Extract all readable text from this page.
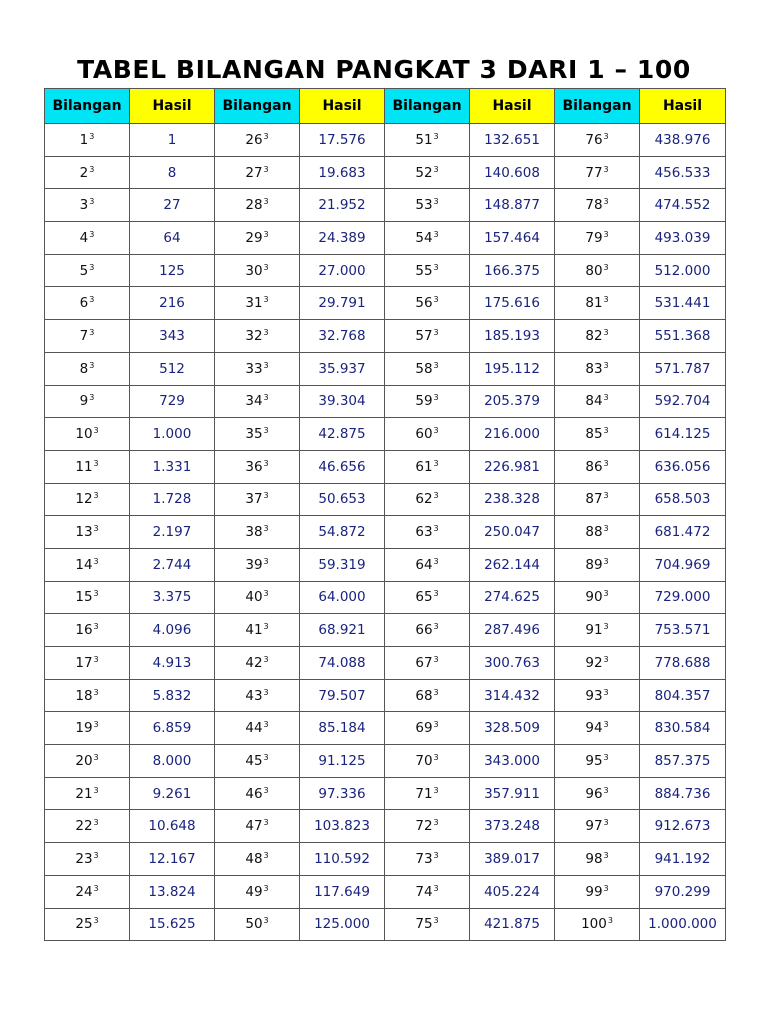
TABEL BILANGAN PANGKAT 3 DARI 1 – 100
Bilangan	Hasil	Bilangan	Hasil	Bilangan	Hasil	Bilangan	Hasil
$1^3$	1	$26^3$	17.576	$51^3$	132.651	$76^3$	438.976
$2^3$	8	$27^3$	19.683	$52^3$	140.608	$77^3$	456.533
$3^3$	27	$28^3$	21.952	$53^3$	148.877	$78^3$	474.552
$4^3$	64	$29^3$	24.389	$54^3$	157.464	$79^3$	493.039
$5^3$	125	$30^3$	27.000	$55^3$	166.375	$80^3$	512.000
$6^3$	216	$31^3$	29.791	$56^3$	175.616	$81^3$	531.441
$7^3$	343	$32^3$	32.768	$57^3$	185.193	$82^3$	551.368
$8^3$	512	$33^3$	35.937	$58^3$	195.112	$83^3$	571.787
$9^3$	729	$34^3$	39.304	$59^3$	205.379	$84^3$	592.704
$10^3$	1.000	$35^3$	42.875	$60^3$	216.000	$85^3$	614.125
$11^3$	1.331	$36^3$	46.656	$61^3$	226.981	$86^3$	636.056
$12^3$	1.728	$37^3$	50.653	$62^3$	238.328	$87^3$	658.503
$13^3$	2.197	$38^3$	54.872	$63^3$	250.047	$88^3$	681.472
$14^3$	2.744	$39^3$	59.319	$64^3$	262.144	$89^3$	704.969
$15^3$	3.375	$40^3$	64.000	$65^3$	274.625	$90^3$	729.000
$16^3$	4.096	$41^3$	68.921	$66^3$	287.496	$91^3$	753.571
$17^3$	4.913	$42^3$	74.088	$67^3$	300.763	$92^3$	778.688
$18^3$	5.832	$43^3$	79.507	$68^3$	314.432	$93^3$	804.357
$19^3$	6.859	$44^3$	85.184	$69^3$	328.509	$94^3$	830.584
$20^3$	8.000	$45^3$	91.125	$70^3$	343.000	$95^3$	857.375
$21^3$	9.261	$46^3$	97.336	$71^3$	357.911	$96^3$	884.736
$22^3$	10.648	$47^3$	103.823	$72^3$	373.248	$97^3$	912.673
$23^3$	12.167	$48^3$	110.592	$73^3$	389.017	$98^3$	941.192
$24^3$	13.824	$49^3$	117.649	$74^3$	405.224	$99^3$	970.299
$25^3$	15.625	$50^3$	125.000	$75^3$	421.875	$100^3$	1.000.000
